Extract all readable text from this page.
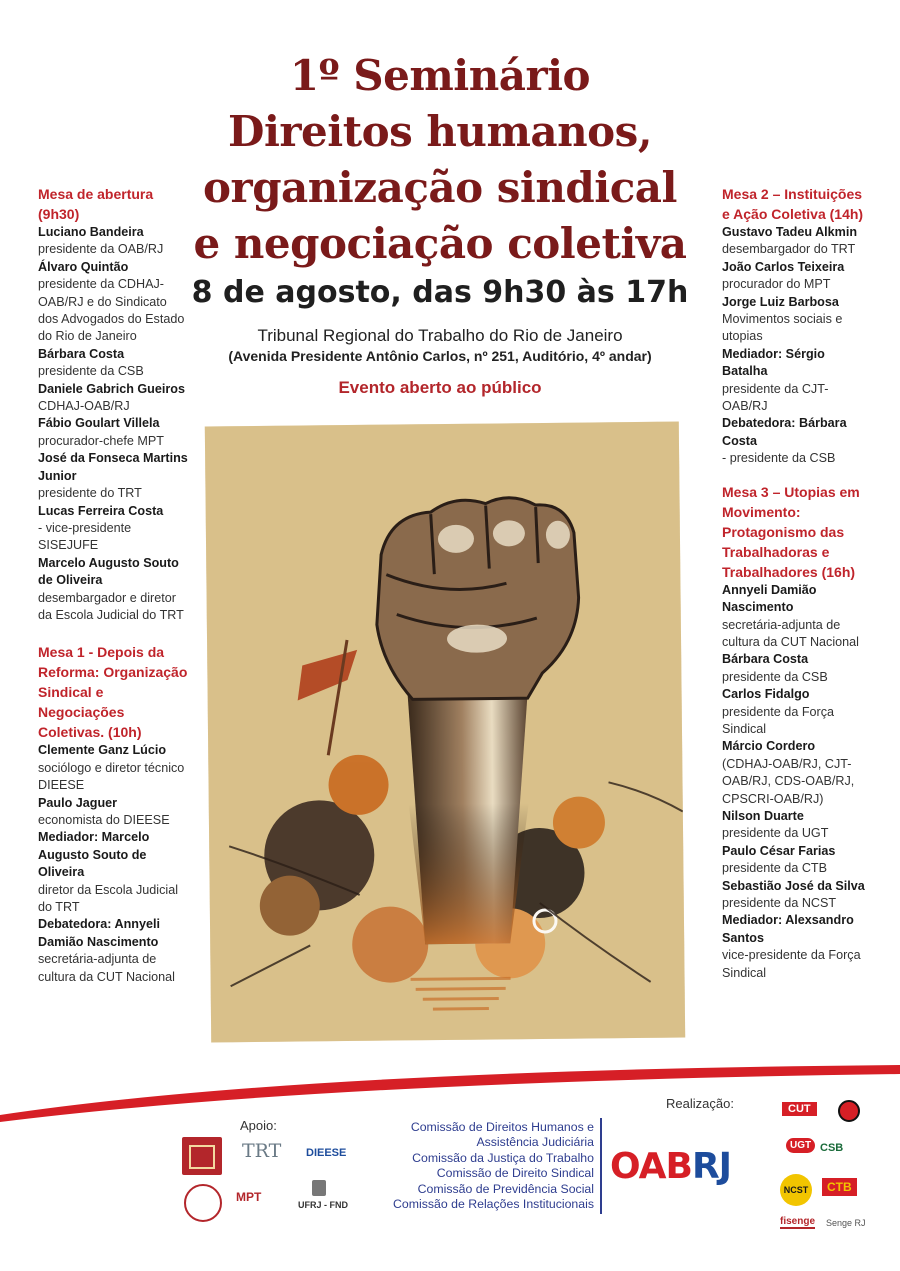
1º Seminário
Direitos humanos,
organização sindical
e negociação coletiva
8 de agosto, das 9h30 às 17h
Tribunal Regional do Trabalho do Rio de Janeiro
(Avenida Presidente Antônio Carlos, nº 251, Auditório, 4º andar)
Evento aberto ao público
Mesa de abertura (9h30)
Luciano Bandeira
presidente da OAB/RJ
Álvaro Quintão
presidente da CDHAJ-OAB/RJ e do Sindicato dos Advogados do Estado do Rio de Janeiro
Bárbara Costa
presidente da CSB
Daniele Gabrich Gueiros
CDHAJ-OAB/RJ
Fábio Goulart Villela
procurador-chefe MPT
José da Fonseca Martins Junior
presidente do TRT
Lucas Ferreira Costa
- vice-presidente SISEJUFE
Marcelo Augusto Souto de Oliveira
desembargador e diretor da Escola Judicial do TRT
Mesa 1 - Depois da Reforma: Organização Sindical e Negociações Coletivas. (10h)
Clemente Ganz Lúcio
sociólogo e diretor técnico DIEESE
Paulo Jaguer
economista do DIEESE
Mediador: Marcelo Augusto Souto de Oliveira
diretor da Escola Judicial do TRT
Debatedora: Annyeli Damião Nascimento
secretária-adjunta de cultura da CUT Nacional
Mesa 2 – Instituições e Ação Coletiva (14h)
Gustavo Tadeu Alkmin
desembargador do TRT
João Carlos Teixeira
procurador do MPT
Jorge Luiz Barbosa
Movimentos sociais e utopias
Mediador: Sérgio Batalha
presidente da CJT-OAB/RJ
Debatedora: Bárbara Costa
- presidente da CSB
Mesa 3 – Utopias em Movimento: Protagonismo das Trabalhadoras e Trabalhadores (16h)
Annyeli Damião Nascimento
secretária-adjunta de cultura da CUT Nacional
Bárbara Costa
presidente da CSB
Carlos Fidalgo
presidente da Força Sindical
Márcio Cordero
(CDHAJ-OAB/RJ, CJT-OAB/RJ, CDS-OAB/RJ, CPSCRI-OAB/RJ)
Nilson Duarte
presidente da UGT
Paulo César Farias
presidente da CTB
Sebastião José da Silva
presidente da NCST
Mediador: Alexsandro Santos
vice-presidente da Força Sindical
Apoio:
Realização:
TRT DIEESE
MPT
UFRJ - FND
Comissão de Direitos Humanos e Assistência Judiciária
Comissão da Justiça do Trabalho
Comissão de Direito Sindical
Comissão de Previdência Social
Comissão de Relações Institucionais
OABRJ
CUT
UGT CSB
NCST	CTB
fisenge Senge RJ
